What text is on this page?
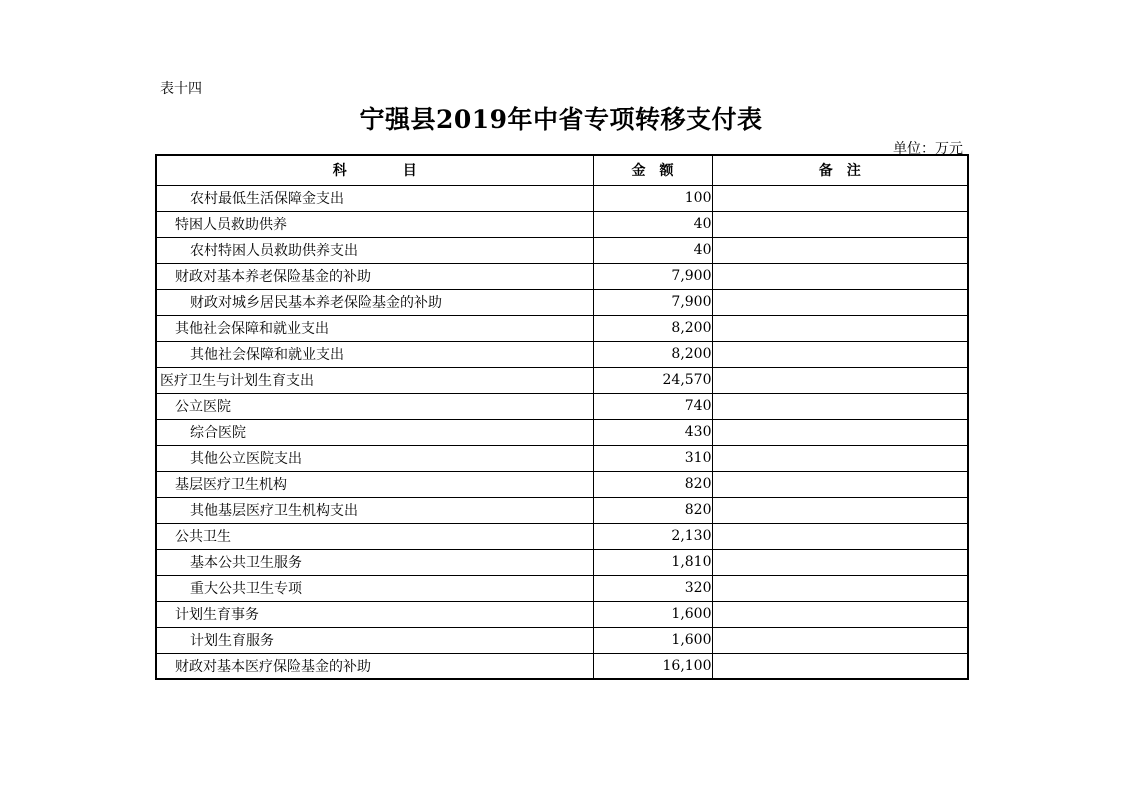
表十四
宁强县2019年中省专项转移支付表
单位：万元
科　　　　目	金　额	备　注
农村最低生活保障金支出	100	
特困人员救助供养	40	
农村特困人员救助供养支出	40	
财政对基本养老保险基金的补助	7,900	
财政对城乡居民基本养老保险基金的补助	7,900	
其他社会保障和就业支出	8,200	
其他社会保障和就业支出	8,200	
医疗卫生与计划生育支出	24,570	
公立医院	740	
综合医院	430	
其他公立医院支出	310	
基层医疗卫生机构	820	
其他基层医疗卫生机构支出	820	
公共卫生	2,130	
基本公共卫生服务	1,810	
重大公共卫生专项	320	
计划生育事务	1,600	
计划生育服务	1,600	
财政对基本医疗保险基金的补助	16,100	
